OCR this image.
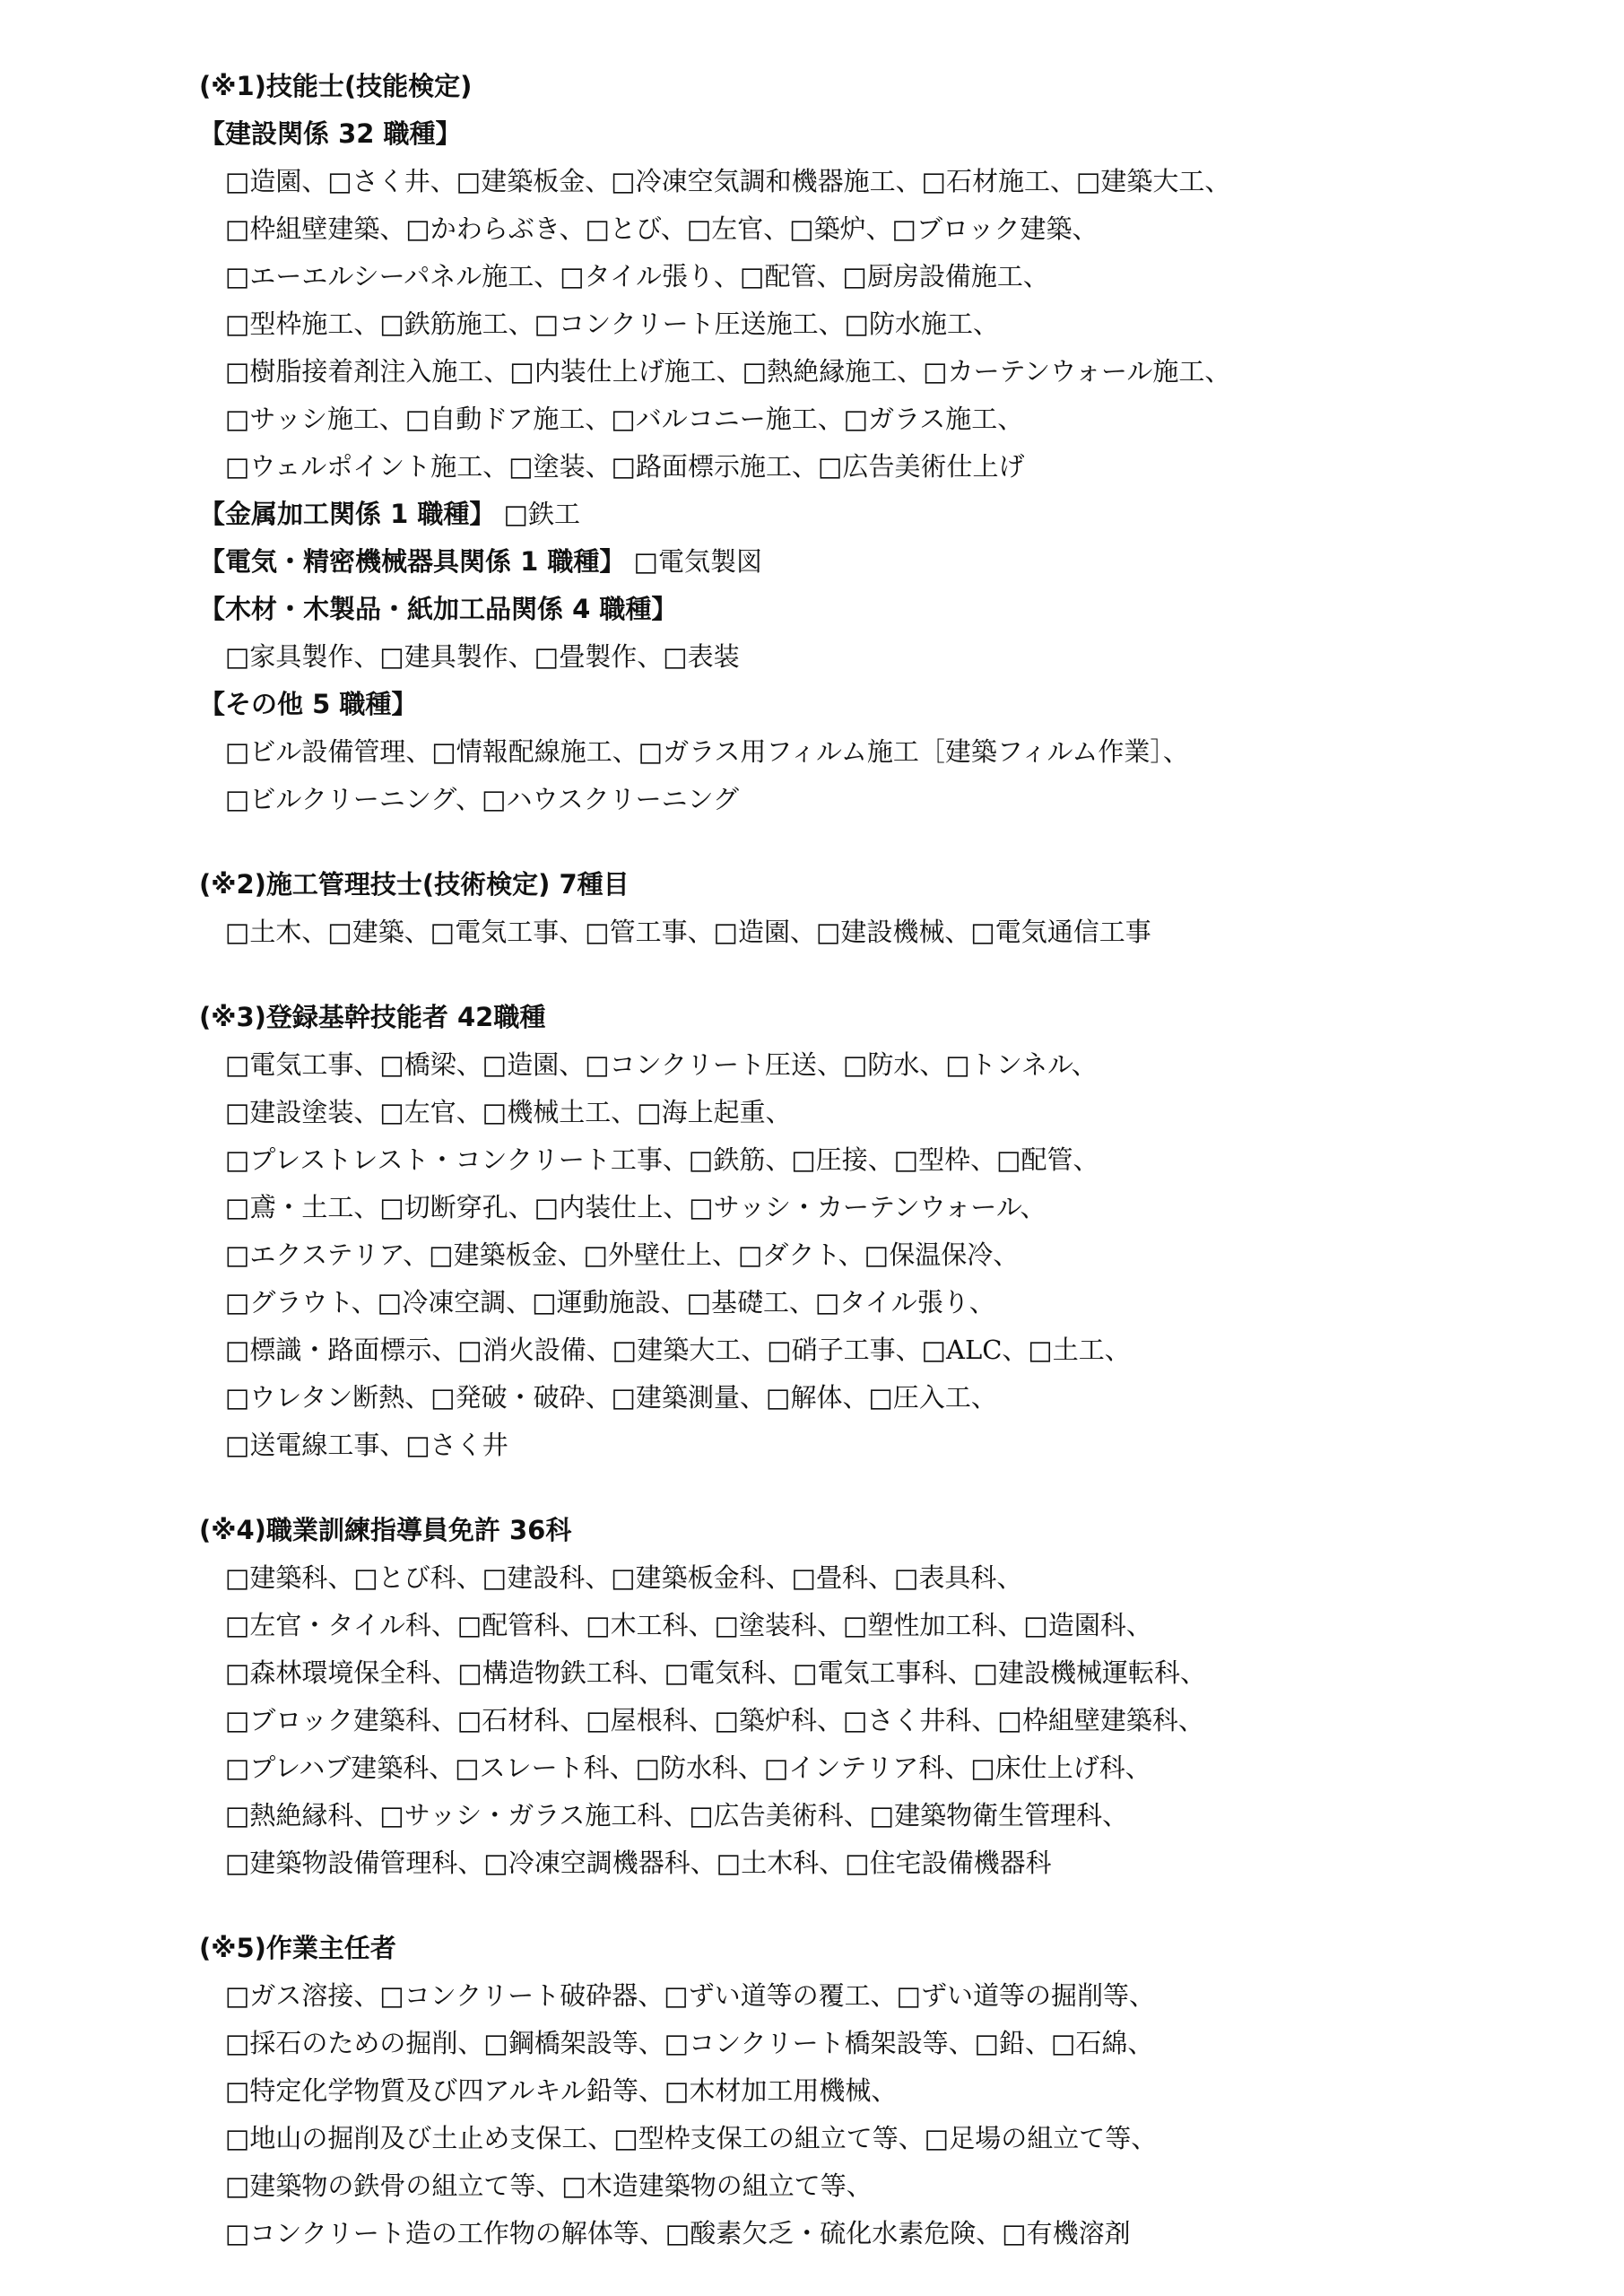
(※1)技能士(技能検定)
【建設関係 32 職種】
□造園、□さく井、□建築板金、□冷凍空気調和機器施工、□石材施工、□建築大工、
□枠組壁建築、□かわらぶき、□とび、□左官、□築炉、□ブロック建築、
□エーエルシーパネル施工、□タイル張り、□配管、□厨房設備施工、
□型枠施工、□鉄筋施工、□コンクリート圧送施工、□防水施工、
□樹脂接着剤注入施工、□内装仕上げ施工、□熱絶縁施工、□カーテンウォール施工、
□サッシ施工、□自動ドア施工、□バルコニー施工、□ガラス施工、
□ウェルポイント施工、□塗装、□路面標示施工、□広告美術仕上げ
【金属加工関係 1 職種】 □鉄工
【電気・精密機械器具関係 1 職種】 □電気製図
【木材・木製品・紙加工品関係 4 職種】
□家具製作、□建具製作、□畳製作、□表装
【その他 5 職種】
□ビル設備管理、□情報配線施工、□ガラス用フィルム施工［建築フィルム作業］、
□ビルクリーニング、□ハウスクリーニング
(※2)施工管理技士(技術検定) 7種目
□土木、□建築、□電気工事、□管工事、□造園、□建設機械、□電気通信工事
(※3)登録基幹技能者 42職種
□電気工事、□橋梁、□造園、□コンクリート圧送、□防水、□トンネル、
□建設塗装、□左官、□機械土工、□海上起重、
□プレストレスト・コンクリート工事、□鉄筋、□圧接、□型枠、□配管、
□鳶・土工、□切断穿孔、□内装仕上、□サッシ・カーテンウォール、
□エクステリア、□建築板金、□外壁仕上、□ダクト、□保温保冷、
□グラウト、□冷凍空調、□運動施設、□基礎工、□タイル張り、
□標識・路面標示、□消火設備、□建築大工、□硝子工事、□ALC、□土工、
□ウレタン断熱、□発破・破砕、□建築測量、□解体、□圧入工、
□送電線工事、□さく井
(※4)職業訓練指導員免許 36科
□建築科、□とび科、□建設科、□建築板金科、□畳科、□表具科、
□左官・タイル科、□配管科、□木工科、□塗装科、□塑性加工科、□造園科、
□森林環境保全科、□構造物鉄工科、□電気科、□電気工事科、□建設機械運転科、
□ブロック建築科、□石材科、□屋根科、□築炉科、□さく井科、□枠組壁建築科、
□プレハブ建築科、□スレート科、□防水科、□インテリア科、□床仕上げ科、
□熱絶縁科、□サッシ・ガラス施工科、□広告美術科、□建築物衛生管理科、
□建築物設備管理科、□冷凍空調機器科、□土木科、□住宅設備機器科
(※5)作業主任者
□ガス溶接、□コンクリート破砕器、□ずい道等の覆工、□ずい道等の掘削等、
□採石のための掘削、□鋼橋架設等、□コンクリート橋架設等、□鉛、□石綿、
□特定化学物質及び四アルキル鉛等、□木材加工用機械、
□地山の掘削及び土止め支保工、□型枠支保工の組立て等、□足場の組立て等、
□建築物の鉄骨の組立て等、□木造建築物の組立て等、
□コンクリート造の工作物の解体等、□酸素欠乏・硫化水素危険、□有機溶剤
